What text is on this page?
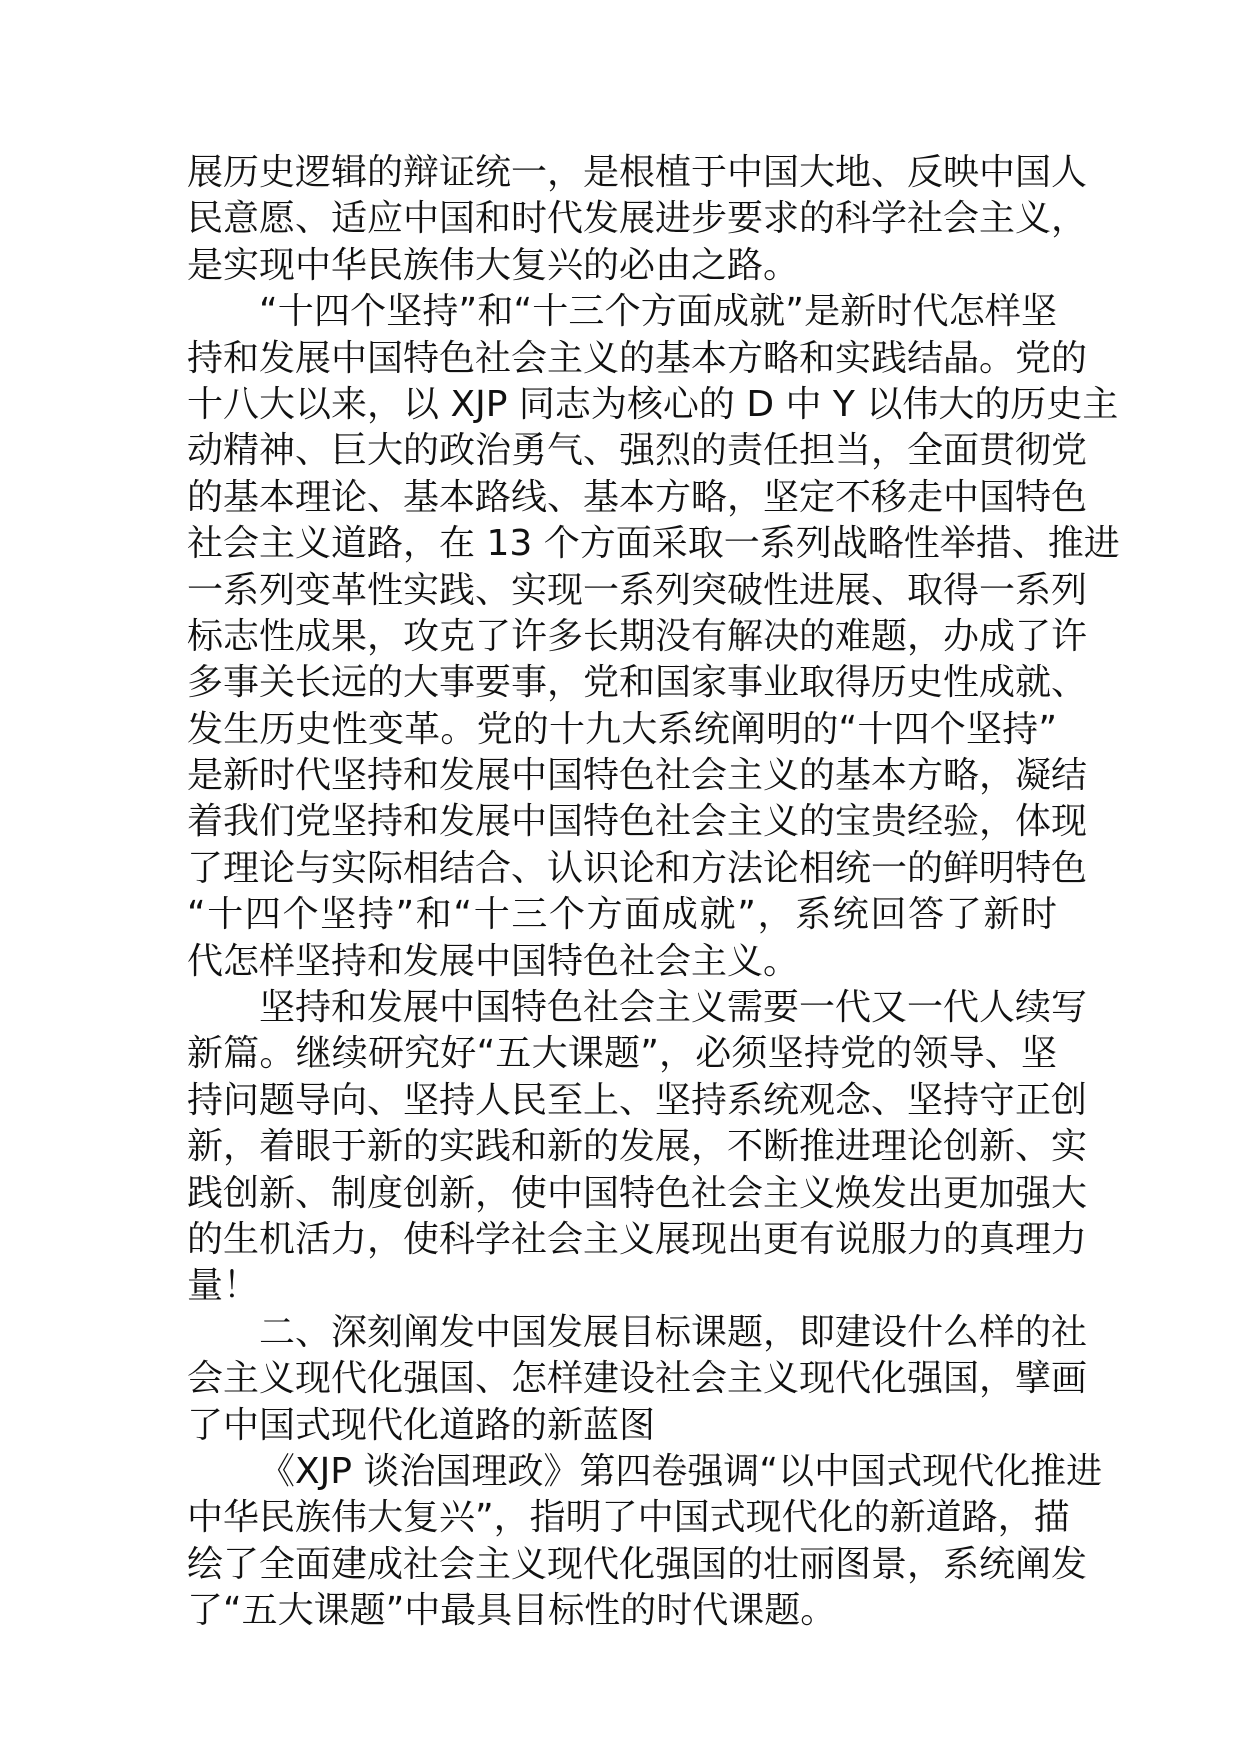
展历史逻辑的辩证统一，是根植于中国大地、反映中国人
民意愿、适应中国和时代发展进步要求的科学社会主义，
是实现中华民族伟大复兴的必由之路。
“十四个坚持”和“十三个方面成就”是新时代怎样坚
持和发展中国特色社会主义的基本方略和实践结晶。党的
十八大以来，以 XJP 同志为核心的 D 中 Y 以伟大的历史主
动精神、巨大的政治勇气、强烈的责任担当，全面贯彻党
的基本理论、基本路线、基本方略，坚定不移走中国特色
社会主义道路，在 13 个方面采取一系列战略性举措、推进
一系列变革性实践、实现一系列突破性进展、取得一系列
标志性成果，攻克了许多长期没有解决的难题，办成了许
多事关长远的大事要事，党和国家事业取得历史性成就、
发生历史性变革。党的十九大系统阐明的“十四个坚持”
是新时代坚持和发展中国特色社会主义的基本方略，凝结
着我们党坚持和发展中国特色社会主义的宝贵经验，体现
了理论与实际相结合、认识论和方法论相统一的鲜明特色
“十四个坚持”和“十三个方面成就”，系统回答了新时
代怎样坚持和发展中国特色社会主义。
坚持和发展中国特色社会主义需要一代又一代人续写
新篇。继续研究好“五大课题”，必须坚持党的领导、坚
持问题导向、坚持人民至上、坚持系统观念、坚持守正创
新，着眼于新的实践和新的发展，不断推进理论创新、实
践创新、制度创新，使中国特色社会主义焕发出更加强大
的生机活力，使科学社会主义展现出更有说服力的真理力
量！
二、深刻阐发中国发展目标课题，即建设什么样的社
会主义现代化强国、怎样建设社会主义现代化强国，擘画
了中国式现代化道路的新蓝图
《XJP 谈治国理政》第四卷强调“以中国式现代化推进
中华民族伟大复兴”，指明了中国式现代化的新道路，描
绘了全面建成社会主义现代化强国的壮丽图景，系统阐发
了“五大课题”中最具目标性的时代课题。
